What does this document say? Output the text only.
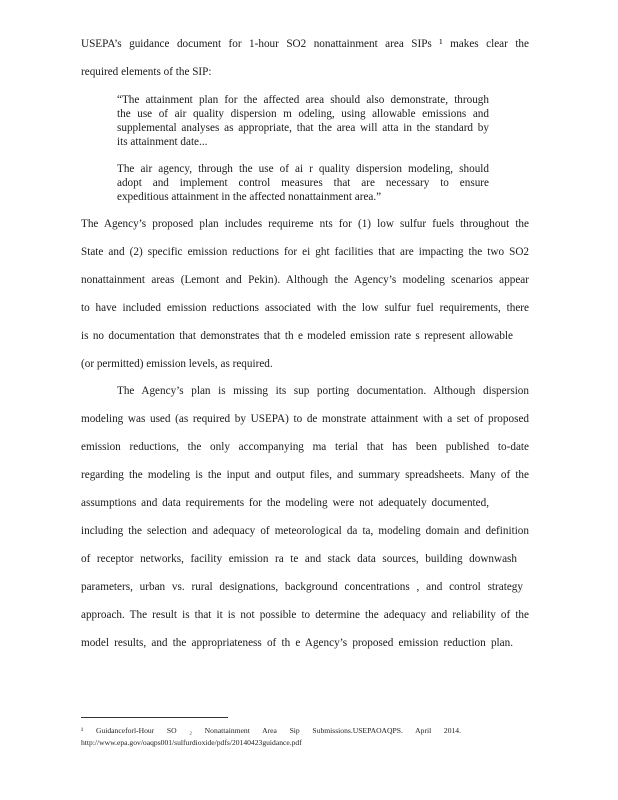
USEPA’s guidance document for 1-hour SO2 nonattainment area SIPs ¹ makes clear the
required elements of the SIP:
“The attainment plan for the affected area should also demonstrate, through
the use of air quality dispersion m odeling, using allowable emissions and
supplemental analyses as appropriate, that the area will atta in the standard by
its attainment date...
The air agency, through the use of ai r quality dispersion modeling, should
adopt and implement control measures that are necessary to ensure
expeditious attainment in the affected nonattainment area.”
The Agency’s proposed plan includes requireme nts for (1) low sulfur fuels throughout the
State and (2) specific emission reductions for ei ght facilities that are impacting the two SO2
nonattainment areas (Lemont and Pekin). Although the Agency’s modeling scenarios appear
to have included emission reductions associated with the low sulfur fuel requirements, there
is no documentation that demonstrates that th e modeled emission rate s represent allowable
(or permitted) emission levels, as required.
The Agency’s plan is missing its sup porting documentation. Although dispersion
modeling was used (as required by USEPA) to de monstrate attainment with a set of proposed
emission reductions, the only accompanying ma terial that has been published to-date
regarding the modeling is the input and output files, and summary spreadsheets. Many of the
assumptions and data requirements for the modeling were not adequately documented,
including the selection and adequacy of meteorological da ta, modeling domain and definition
of receptor networks, facility emission ra te and stack data sources, building downwash
parameters, urban vs. rural designations, background concentrations , and control strategy
approach. The result is that it is not possible to determine the adequacy and reliability of the
model results, and the appropriateness of th e Agency’s proposed emission reduction plan.
¹ Guidanceforl-Hour SO ₂ Nonattainment Area Sip Submissions.USEPAOAQPS. April 2014.
http://www.epa.gov/oaqps001/sulfurdioxide/pdfs/20140423guidance.pdf
